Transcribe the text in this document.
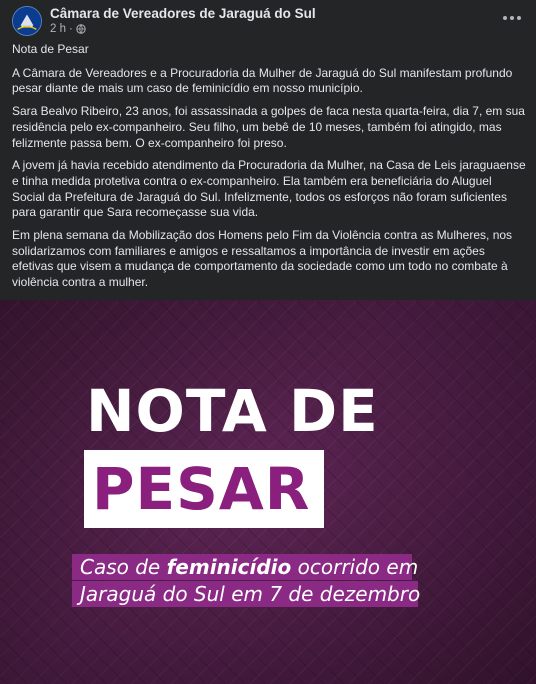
Câmara de Vereadores de Jaraguá do Sul
2 h ·

Nota de Pesar

A Câmara de Vereadores e a Procuradoria da Mulher de Jaraguá do Sul manifestam profundo pesar diante de mais um caso de feminicídio em nosso município.

Sara Bealvo Ribeiro, 23 anos, foi assassinada a golpes de faca nesta quarta-feira, dia 7, em sua residência pelo ex-companheiro. Seu filho, um bebê de 10 meses, também foi atingido, mas felizmente passa bem. O ex-companheiro foi preso.

A jovem já havia recebido atendimento da Procuradoria da Mulher, na Casa de Leis jaraguaense e tinha medida protetiva contra o ex-companheiro. Ela também era beneficiária do Aluguel Social da Prefeitura de Jaraguá do Sul. Infelizmente, todos os esforços não foram suficientes para garantir que Sara recomeçasse sua vida.

Em plena semana da Mobilização dos Homens pelo Fim da Violência contra as Mulheres, nos solidarizamos com familiares e amigos e ressaltamos a importância de investir em ações efetivas que visem a mudança de comportamento da sociedade como um todo no combate à violência contra a mulher.

NOTA DE
PESAR
Caso de feminicídio ocorrido em
Jaraguá do Sul em 7 de dezembro
